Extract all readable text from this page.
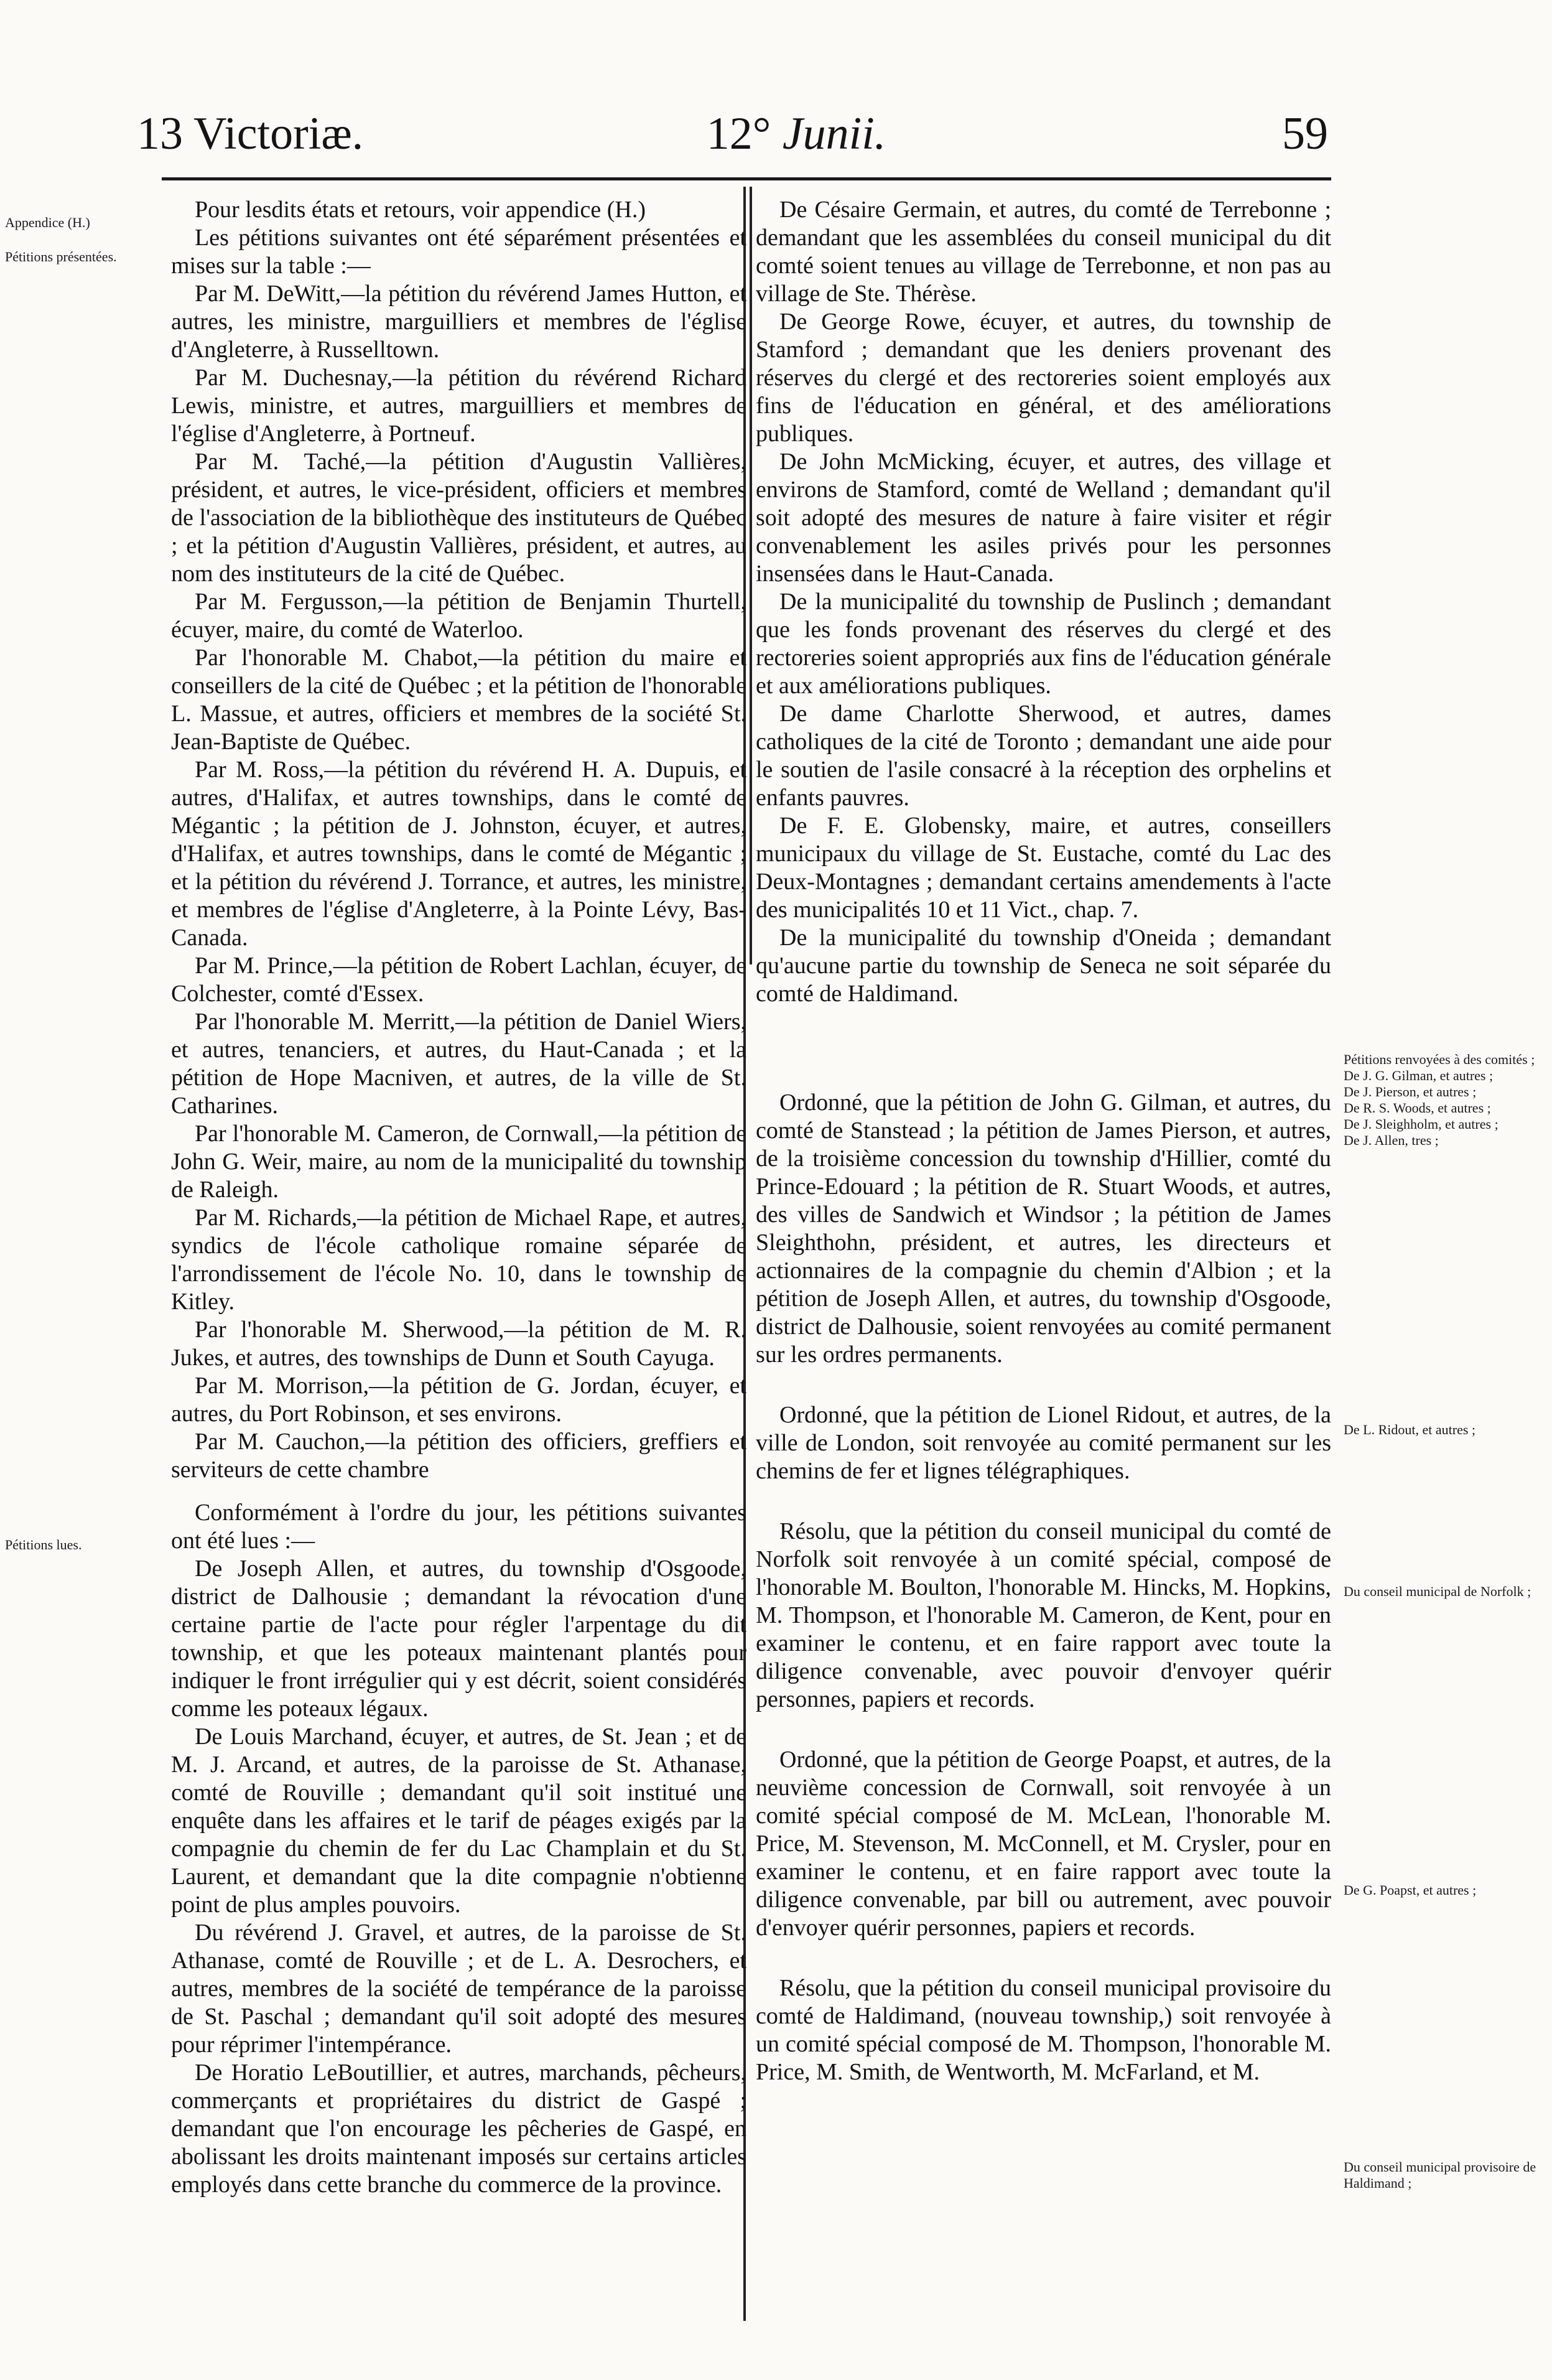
13 Victoriæ.	12° Junii.	59
Appendice (H.)
Pétitions présentées.
Pétitions lues.

Pour lesdits états et retours, voir appendice (H.)

Les pétitions suivantes ont été séparément présentées et mises sur la table :—

Par M. DeWitt,—la pétition du révérend James Hutton, et autres, les ministre, marguilliers et membres de l'église d'Angleterre, à Russelltown.

Par M. Duchesnay,—la pétition du révérend Richard Lewis, ministre, et autres, marguilliers et membres de l'église d'Angleterre, à Portneuf.

Par M. Taché,—la pétition d'Augustin Vallières, président, et autres, le vice-président, officiers et membres de l'association de la bibliothèque des instituteurs de Québec ; et la pétition d'Augustin Vallières, président, et autres, au nom des instituteurs de la cité de Québec.

Par M. Fergusson,—la pétition de Benjamin Thurtell, écuyer, maire, du comté de Waterloo.

Par l'honorable M. Chabot,—la pétition du maire et conseillers de la cité de Québec ; et la pétition de l'honorable L. Massue, et autres, officiers et membres de la société St. Jean-Baptiste de Québec.

Par M. Ross,—la pétition du révérend H. A. Dupuis, et autres, d'Halifax, et autres townships, dans le comté de Mégantic ; la pétition de J. Johnston, écuyer, et autres, d'Halifax, et autres townships, dans le comté de Mégantic ; et la pétition du révérend J. Torrance, et autres, les ministre, et membres de l'église d'Angleterre, à la Pointe Lévy, Bas-Canada.

Par M. Prince,—la pétition de Robert Lachlan, écuyer, de Colchester, comté d'Essex.

Par l'honorable M. Merritt,—la pétition de Daniel Wiers, et autres, tenanciers, et autres, du Haut-Canada ; et la pétition de Hope Macniven, et autres, de la ville de St. Catharines.

Par l'honorable M. Cameron, de Cornwall,—la pétition de John G. Weir, maire, au nom de la municipalité du township de Raleigh.

Par M. Richards,—la pétition de Michael Rape, et autres, syndics de l'école catholique romaine séparée de l'arrondissement de l'école No. 10, dans le township de Kitley.

Par l'honorable M. Sherwood,—la pétition de M. R. Jukes, et autres, des townships de Dunn et South Cayuga.

Par M. Morrison,—la pétition de G. Jordan, écuyer, et autres, du Port Robinson, et ses environs.

Par M. Cauchon,—la pétition des officiers, greffiers et serviteurs de cette chambre

Conformément à l'ordre du jour, les pétitions suivantes ont été lues :—

De Joseph Allen, et autres, du township d'Osgoode, district de Dalhousie ; demandant la révocation d'une certaine partie de l'acte pour régler l'arpentage du dit township, et que les poteaux maintenant plantés pour indiquer le front irrégulier qui y est décrit, soient considérés comme les poteaux légaux.

De Louis Marchand, écuyer, et autres, de St. Jean ; et de M. J. Arcand, et autres, de la paroisse de St. Athanase, comté de Rouville ; demandant qu'il soit institué une enquête dans les affaires et le tarif de péages exigés par la compagnie du chemin de fer du Lac Champlain et du St. Laurent, et demandant que la dite compagnie n'obtienne point de plus amples pouvoirs.

Du révérend J. Gravel, et autres, de la paroisse de St. Athanase, comté de Rouville ; et de L. A. Desrochers, et autres, membres de la société de tempérance de la paroisse de St. Paschal ; demandant qu'il soit adopté des mesures pour réprimer l'intempérance.

De Horatio LeBoutillier, et autres, marchands, pêcheurs, commerçants et propriétaires du district de Gaspé ; demandant que l'on encourage les pêcheries de Gaspé, en abolissant les droits maintenant imposés sur certains articles employés dans cette branche du commerce de la province.

De Césaire Germain, et autres, du comté de Terrebonne ; demandant que les assemblées du conseil municipal du dit comté soient tenues au village de Terrebonne, et non pas au village de Ste. Thérèse.

De George Rowe, écuyer, et autres, du township de Stamford ; demandant que les deniers provenant des réserves du clergé et des rectoreries soient employés aux fins de l'éducation en général, et des améliorations publiques.

De John McMicking, écuyer, et autres, des village et environs de Stamford, comté de Welland ; demandant qu'il soit adopté des mesures de nature à faire visiter et régir convenablement les asiles privés pour les personnes insensées dans le Haut-Canada.

De la municipalité du township de Puslinch ; demandant que les fonds provenant des réserves du clergé et des rectoreries soient appropriés aux fins de l'éducation générale et aux améliorations publiques.

De dame Charlotte Sherwood, et autres, dames catholiques de la cité de Toronto ; demandant une aide pour le soutien de l'asile consacré à la réception des orphelins et enfants pauvres.

De F. E. Globensky, maire, et autres, conseillers municipaux du village de St. Eustache, comté du Lac des Deux-Montagnes ; demandant certains amendements à l'acte des municipalités 10 et 11 Vict., chap. 7.

De la municipalité du township d'Oneida ; demandant qu'aucune partie du township de Seneca ne soit séparée du comté de Haldimand.

Ordonné, que la pétition de John G. Gilman, et autres, du comté de Stanstead ; la pétition de James Pierson, et autres, de la troisième concession du township d'Hillier, comté du Prince-Edouard ; la pétition de R. Stuart Woods, et autres, des villes de Sandwich et Windsor ; la pétition de James Sleighthohn, président, et autres, les directeurs et actionnaires de la compagnie du chemin d'Albion ; et la pétition de Joseph Allen, et autres, du township d'Osgoode, district de Dalhousie, soient renvoyées au comité permanent sur les ordres permanents.

Ordonné, que la pétition de Lionel Ridout, et autres, de la ville de London, soit renvoyée au comité permanent sur les chemins de fer et lignes télégraphiques.

Résolu, que la pétition du conseil municipal du comté de Norfolk soit renvoyée à un comité spécial, composé de l'honorable M. Boulton, l'honorable M. Hincks, M. Hopkins, M. Thompson, et l'honorable M. Cameron, de Kent, pour en examiner le contenu, et en faire rapport avec toute la diligence convenable, avec pouvoir d'envoyer quérir personnes, papiers et records.

Ordonné, que la pétition de George Poapst, et autres, de la neuvième concession de Cornwall, soit renvoyée à un comité spécial composé de M. McLean, l'honorable M. Price, M. Stevenson, M. McConnell, et M. Crysler, pour en examiner le contenu, et en faire rapport avec toute la diligence convenable, par bill ou autrement, avec pouvoir d'envoyer quérir personnes, papiers et records.

Résolu, que la pétition du conseil municipal provisoire du comté de Haldimand, (nouveau township,) soit renvoyée à un comité spécial composé de M. Thompson, l'honorable M. Price, M. Smith, de Wentworth, M. McFarland, et M.

Pétitions renvoyées à des comités ;

De J. G. Gilman, et autres ;

De J. Pierson, et autres ;

De R. S. Woods, et autres ;

De J. Sleighholm, et autres ;

De J. Allen, tres ;

De L. Ridout, et autres ;
Du conseil municipal de Norfolk ;
De G. Poapst, et autres ;
Du conseil municipal provisoire de Haldimand ;
